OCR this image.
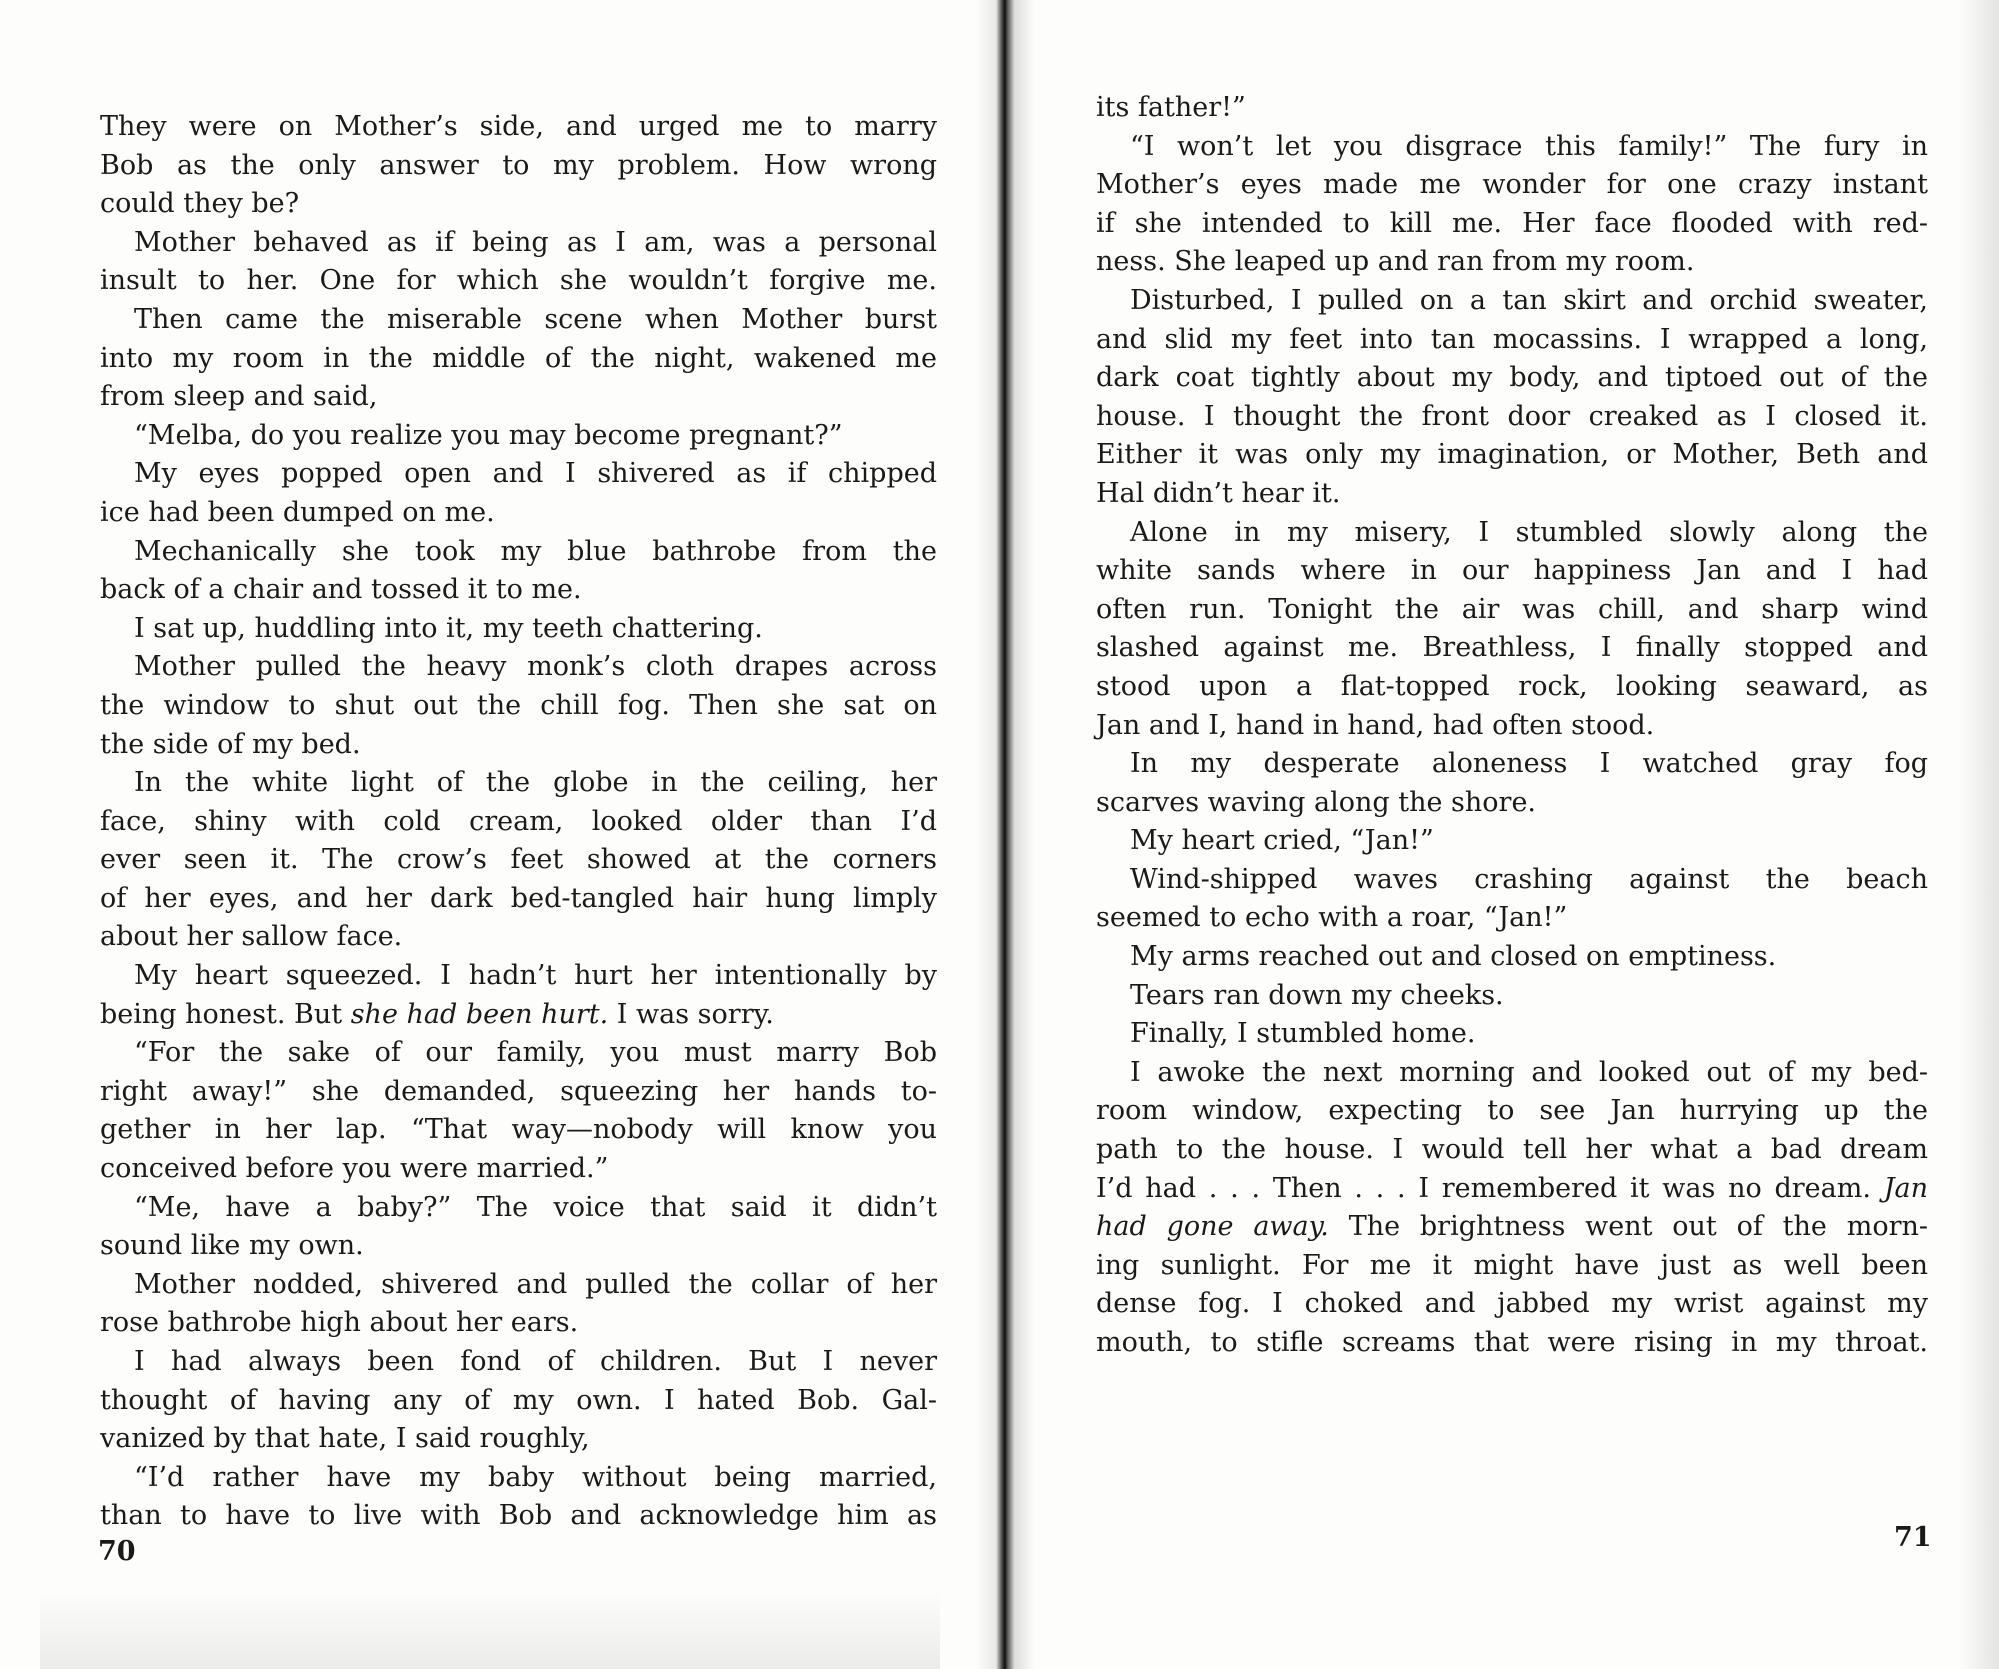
They were on Mother’s side, and urged me to marry
Bob as the only answer to my problem. How wrong
could they be?
Mother behaved as if being as I am, was a personal
insult to her. One for which she wouldn’t forgive me.
Then came the miserable scene when Mother burst
into my room in the middle of the night, wakened me
from sleep and said,
“Melba, do you realize you may become pregnant?”
My eyes popped open and I shivered as if chipped
ice had been dumped on me.
Mechanically she took my blue bathrobe from the
back of a chair and tossed it to me.
I sat up, huddling into it, my teeth chattering.
Mother pulled the heavy monk’s cloth drapes across
the window to shut out the chill fog. Then she sat on
the side of my bed.
In the white light of the globe in the ceiling, her
face, shiny with cold cream, looked older than I’d
ever seen it. The crow’s feet showed at the corners
of her eyes, and her dark bed-tangled hair hung limply
about her sallow face.
My heart squeezed. I hadn’t hurt her intentionally by
being honest. But she had been hurt. I was sorry.
“For the sake of our family, you must marry Bob
right away!” she demanded, squeezing her hands to-
gether in her lap. “That way—nobody will know you
conceived before you were married.”
“Me, have a baby?” The voice that said it didn’t
sound like my own.
Mother nodded, shivered and pulled the collar of her
rose bathrobe high about her ears.
I had always been fond of children. But I never
thought of having any of my own. I hated Bob. Gal-
vanized by that hate, I said roughly,
“I’d rather have my baby without being married,
than to have to live with Bob and acknowledge him as
its father!”
“I won’t let you disgrace this family!” The fury in
Mother’s eyes made me wonder for one crazy instant
if she intended to kill me. Her face flooded with red-
ness. She leaped up and ran from my room.
Disturbed, I pulled on a tan skirt and orchid sweater,
and slid my feet into tan mocassins. I wrapped a long,
dark coat tightly about my body, and tiptoed out of the
house. I thought the front door creaked as I closed it.
Either it was only my imagination, or Mother, Beth and
Hal didn’t hear it.
Alone in my misery, I stumbled slowly along the
white sands where in our happiness Jan and I had
often run. Tonight the air was chill, and sharp wind
slashed against me. Breathless, I finally stopped and
stood upon a flat-topped rock, looking seaward, as
Jan and I, hand in hand, had often stood.
In my desperate aloneness I watched gray fog
scarves waving along the shore.
My heart cried, “Jan!”
Wind-shipped waves crashing against the beach
seemed to echo with a roar, “Jan!”
My arms reached out and closed on emptiness.
Tears ran down my cheeks.
Finally, I stumbled home.
I awoke the next morning and looked out of my bed-
room window, expecting to see Jan hurrying up the
path to the house. I would tell her what a bad dream
I’d had . . . Then . . . I remembered it was no dream. Jan
had gone away. The brightness went out of the morn-
ing sunlight. For me it might have just as well been
dense fog. I choked and jabbed my wrist against my
mouth, to stifle screams that were rising in my throat.
70	71
